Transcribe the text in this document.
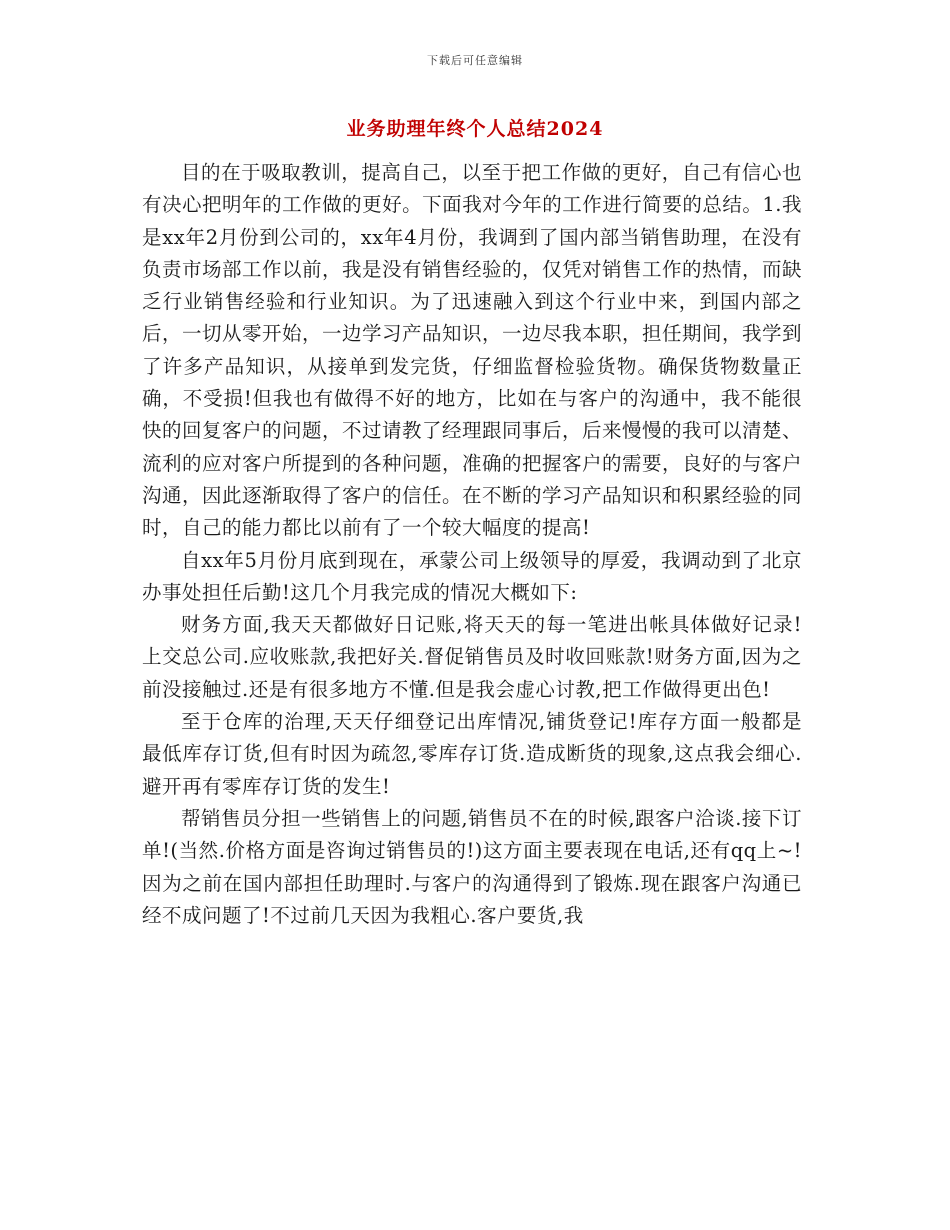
下载后可任意编辑
业务助理年终个人总结2024

目的在于吸取教训，提高自己，以至于把工作做的更好，自己有信心也有决心把明年的工作做的更好。下面我对今年的工作进行简要的总结。1.我是xx年2月份到公司的，xx年4月份，我调到了国内部当销售助理，在没有负责市场部工作以前，我是没有销售经验的，仅凭对销售工作的热情，而缺乏行业销售经验和行业知识。为了迅速融入到这个行业中来，到国内部之后，一切从零开始，一边学习产品知识，一边尽我本职，担任期间，我学到了许多产品知识，从接单到发完货，仔细监督检验货物。确保货物数量正确，不受损!但我也有做得不好的地方，比如在与客户的沟通中，我不能很快的回复客户的问题，不过请教了经理跟同事后，后来慢慢的我可以清楚、流利的应对客户所提到的各种问题，准确的把握客户的需要，良好的与客户沟通，因此逐渐取得了客户的信任。在不断的学习产品知识和积累经验的同时，自己的能力都比以前有了一个较大幅度的提高!

自xx年5月份月底到现在，承蒙公司上级领导的厚爱，我调动到了北京办事处担任后勤!这几个月我完成的情况大概如下:

财务方面,我天天都做好日记账,将天天的每一笔进出帐具体做好记录!上交总公司.应收账款,我把好关.督促销售员及时收回账款!财务方面,因为之前没接触过.还是有很多地方不懂.但是我会虚心讨教,把工作做得更出色!

至于仓库的治理,天天仔细登记出库情况,铺货登记!库存方面一般都是最低库存订货,但有时因为疏忽,零库存订货.造成断货的现象,这点我会细心.避开再有零库存订货的发生!

帮销售员分担一些销售上的问题,销售员不在的时候,跟客户洽谈.接下订单!(当然.价格方面是咨询过销售员的!)这方面主要表现在电话,还有qq上~!因为之前在国内部担任助理时.与客户的沟通得到了锻炼.现在跟客户沟通已经不成问题了!不过前几天因为我粗心.客户要货,我
